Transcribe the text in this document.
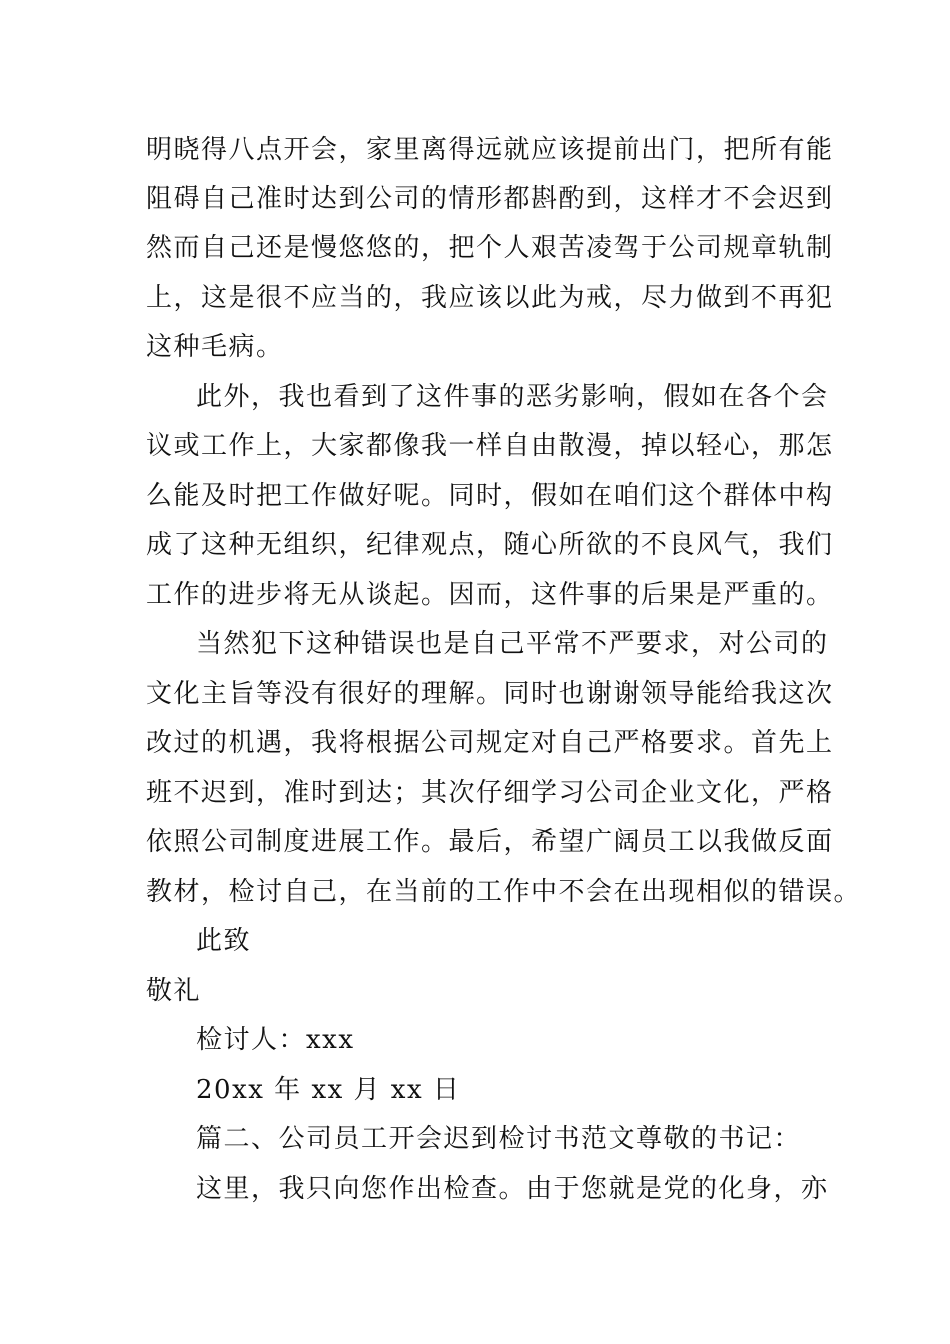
明晓得八点开会，家里离得远就应该提前出门，把所有能
阻碍自己准时达到公司的情形都斟酌到，这样才不会迟到
然而自己还是慢悠悠的，把个人艰苦凌驾于公司规章轨制
上，这是很不应当的，我应该以此为戒，尽力做到不再犯
这种毛病。
此外，我也看到了这件事的恶劣影响，假如在各个会
议或工作上，大家都像我一样自由散漫，掉以轻心，那怎
么能及时把工作做好呢。同时，假如在咱们这个群体中构
成了这种无组织，纪律观点，随心所欲的不良风气，我们
工作的进步将无从谈起。因而，这件事的后果是严重的。
当然犯下这种错误也是自己平常不严要求，对公司的
文化主旨等没有很好的理解。同时也谢谢领导能给我这次
改过的机遇，我将根据公司规定对自己严格要求。首先上
班不迟到，准时到达；其次仔细学习公司企业文化，严格
依照公司制度进展工作。最后，希望广阔员工以我做反面
教材，检讨自己，在当前的工作中不会在出现相似的错误。
此致
敬礼
检讨人：xxx
20xx 年 xx 月 xx 日
篇二、公司员工开会迟到检讨书范文尊敬的书记：
这里，我只向您作出检查。由于您就是党的化身，亦
